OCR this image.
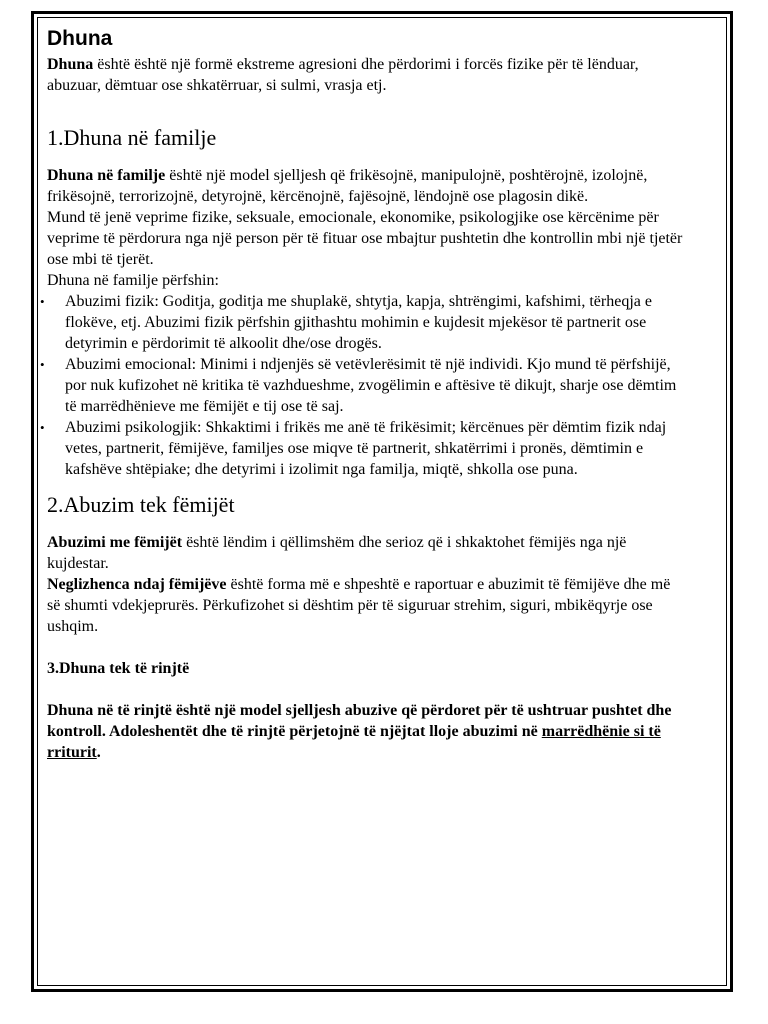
Dhuna

Dhuna është është një formë ekstreme agresioni dhe përdorimi i forcës fizike për të lënduar, abuzuar, dëmtuar ose shkatërruar, si sulmi, vrasja etj.

1.Dhuna në familje

Dhuna në familje është një model sjelljesh që frikësojnë, manipulojnë, poshtërojnë, izolojnë, frikësojnë, terrorizojnë, detyrojnë, kërcënojnë, fajësojnë, lëndojnë ose plagosin dikë.

Mund të jenë veprime fizike, seksuale, emocionale, ekonomike, psikologjike ose kërcënime për veprime të përdorura nga një person për të fituar ose mbajtur pushtetin dhe kontrollin mbi një tjetër ose mbi të tjerët.

Dhuna në familje përfshin:

• Abuzimi fizik: Goditja, goditja me shuplakë, shtytja, kapja, shtrëngimi, kafshimi, tërheqja e flokëve, etj. Abuzimi fizik përfshin gjithashtu mohimin e kujdesit mjekësor të partnerit ose detyrimin e përdorimit të alkoolit dhe/ose drogës.
• Abuzimi emocional: Minimi i ndjenjës së vetëvlerësimit të një individi. Kjo mund të përfshijë, por nuk kufizohet në kritika të vazhdueshme, zvogëlimin e aftësive të dikujt, sharje ose dëmtim të marrëdhënieve me fëmijët e tij ose të saj.
• Abuzimi psikologjik: Shkaktimi i frikës me anë të frikësimit; kërcënues për dëmtim fizik ndaj vetes, partnerit, fëmijëve, familjes ose miqve të partnerit, shkatërrimi i pronës, dëmtimin e kafshëve shtëpiake; dhe detyrimi i izolimit nga familja, miqtë, shkolla ose puna.
2.Abuzim tek fëmijët

Abuzimi me fëmijët është lëndim i qëllimshëm dhe serioz që i shkaktohet fëmijës nga një kujdestar.

Neglizhenca ndaj fëmijëve është forma më e shpeshtë e raportuar e abuzimit të fëmijëve dhe më së shumti vdekjeprurës. Përkufizohet si dështim për të siguruar strehim, siguri, mbikëqyrje ose ushqim.

3.Dhuna tek të rinjtë

Dhuna në të rinjtë është një model sjelljesh abuzive që përdoret për të ushtruar pushtet dhe kontroll. Adoleshentët dhe të rinjtë përjetojnë të njëjtat lloje abuzimi në marrëdhënie si të rriturit.
